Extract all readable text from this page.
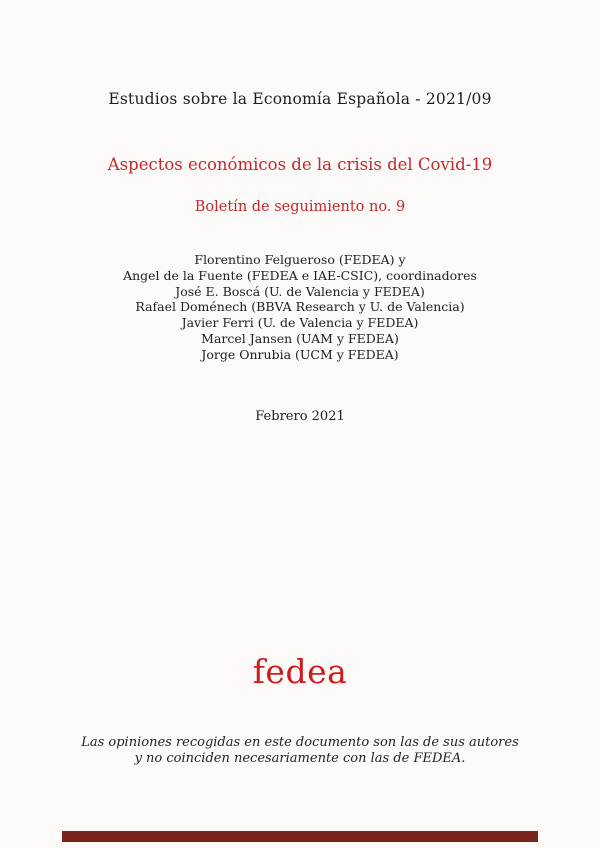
Estudios sobre la Economía Española - 2021/09
Aspectos económicos de la crisis del Covid-19
Boletín de seguimiento no. 9
Florentino Felgueroso (FEDEA) y
Angel de la Fuente (FEDEA e IAE-CSIC), coordinadores
José E. Boscá (U. de Valencia y FEDEA)
Rafael Doménech (BBVA Research y U. de Valencia)
Javier Ferri (U. de Valencia y FEDEA)
Marcel Jansen (UAM y FEDEA)
Jorge Onrubia (UCM y FEDEA)
Febrero 2021
fedea
Las opiniones recogidas en este documento son las de sus autores
y no coinciden necesariamente con las de FEDEA.
